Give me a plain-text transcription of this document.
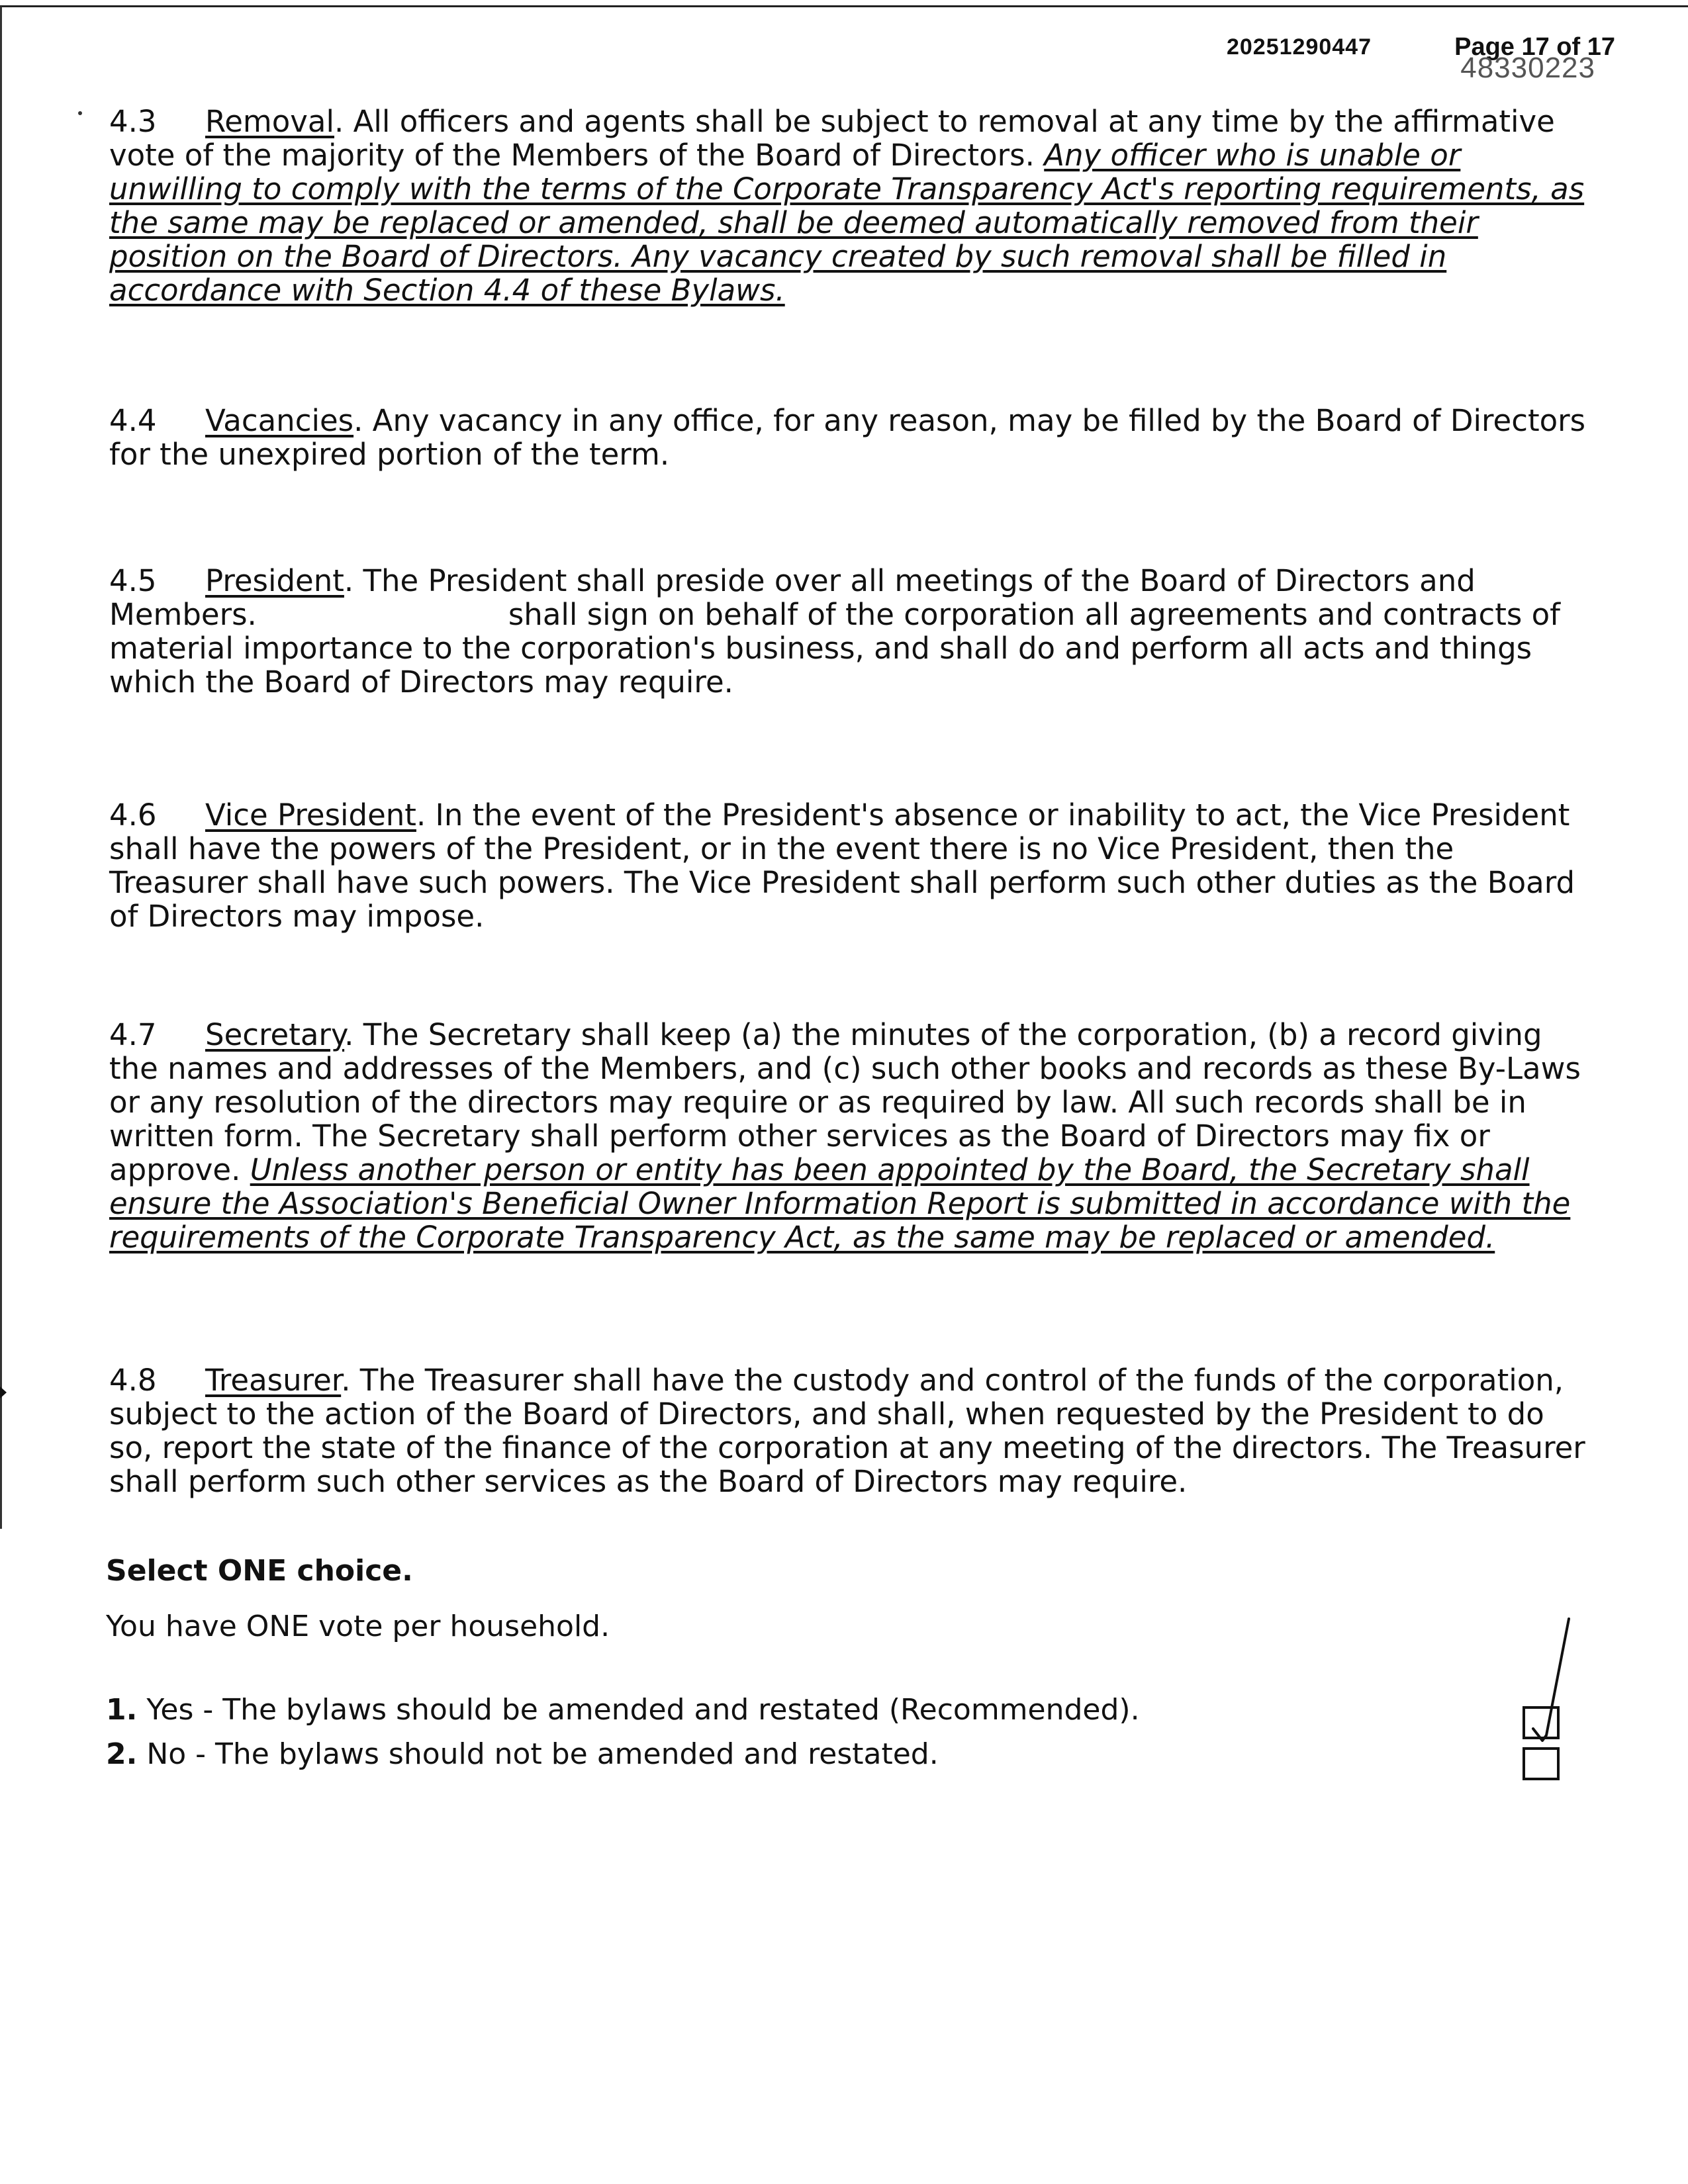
20251290447	Page 17 of 17
48330223
4.3 Removal. All officers and agents shall be subject to removal at any time by the affirmative vote of the majority of the Members of the Board of Directors. Any officer who is unable or unwilling to comply with the terms of the Corporate Transparency Act's reporting requirements, as the same may be replaced or amended, shall be deemed automatically removed from their position on the Board of Directors. Any vacancy created by such removal shall be filled in accordance with Section 4.4 of these Bylaws.
4.4 Vacancies. Any vacancy in any office, for any reason, may be filled by the Board of Directors for the unexpired portion of the term.
4.5 President. The President shall preside over all meetings of the Board of Directors and Members.	shall sign on behalf of the corporation all agreements and contracts of material importance to the corporation's business, and shall do and perform all acts and things which the Board of Directors may require.
4.6 Vice President. In the event of the President's absence or inability to act, the Vice President shall have the powers of the President, or in the event there is no Vice President, then the Treasurer shall have such powers. The Vice President shall perform such other duties as the Board of Directors may impose.
4.7 Secretary. The Secretary shall keep (a) the minutes of the corporation, (b) a record giving the names and addresses of the Members, and (c) such other books and records as these By-Laws or any resolution of the directors may require or as required by law. All such records shall be in written form. The Secretary shall perform other services as the Board of Directors may fix or approve. Unless another person or entity has been appointed by the Board, the Secretary shall ensure the Association's Beneficial Owner Information Report is submitted in accordance with the requirements of the Corporate Transparency Act, as the same may be replaced or amended.
4.8 Treasurer. The Treasurer shall have the custody and control of the funds of the corporation, subject to the action of the Board of Directors, and shall, when requested by the President to do so, report the state of the finance of the corporation at any meeting of the directors. The Treasurer shall perform such other services as the Board of Directors may require.
Select ONE choice.
You have ONE vote per household.
1. Yes - The bylaws should be amended and restated (Recommended).
2. No - The bylaws should not be amended and restated.
